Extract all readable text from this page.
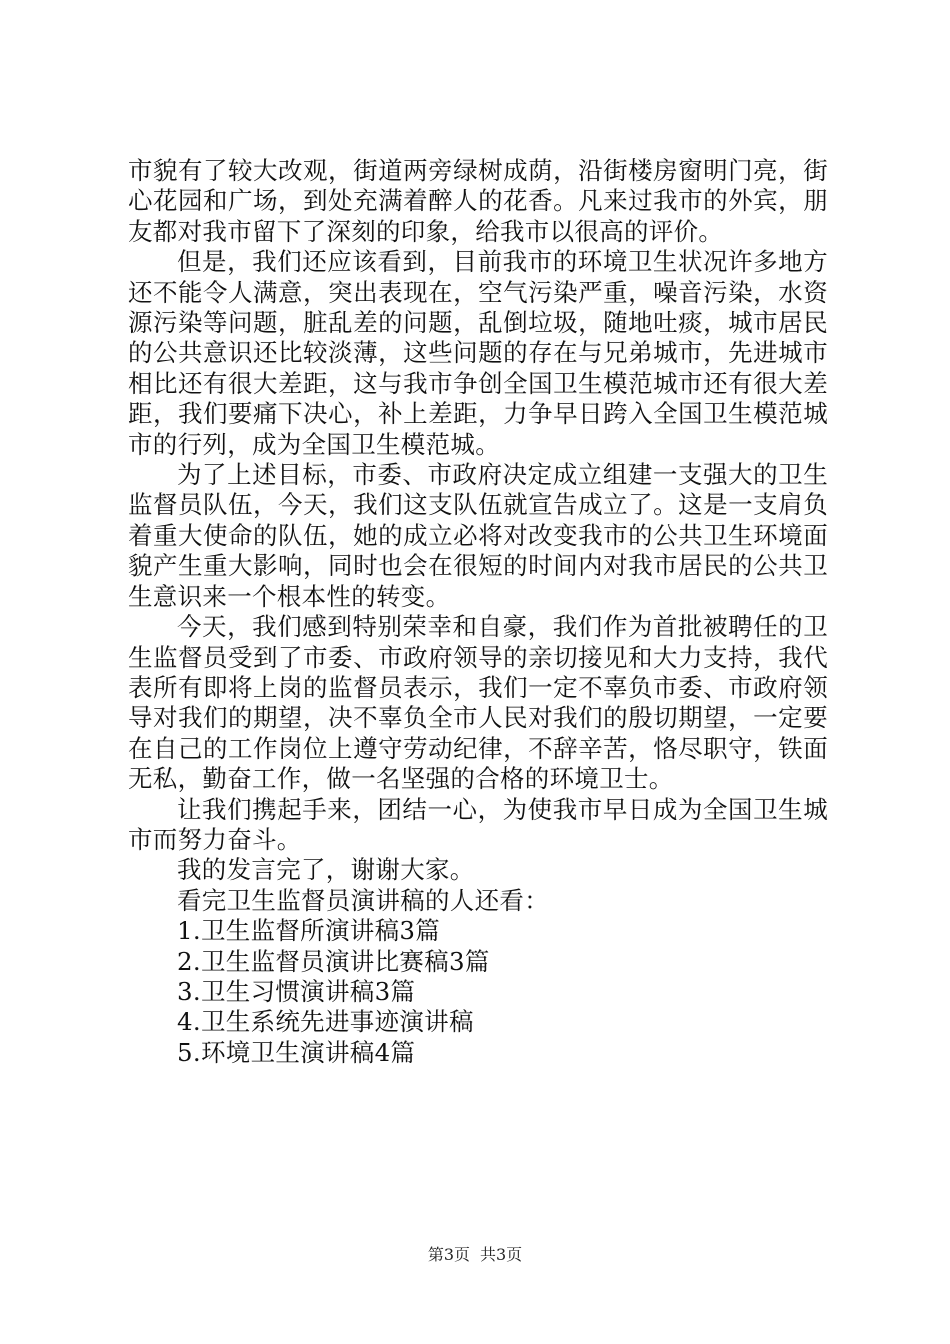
市貌有了较大改观，街道两旁绿树成荫，沿街楼房窗明门亮，街心花园和广场，到处充满着醉人的花香。凡来过我市的外宾，朋友都对我市留下了深刻的印象，给我市以很高的评价。

但是，我们还应该看到，目前我市的环境卫生状况许多地方还不能令人满意，突出表现在，空气污染严重，噪音污染，水资源污染等问题，脏乱差的问题，乱倒垃圾，随地吐痰，城市居民的公共意识还比较淡薄，这些问题的存在与兄弟城市，先进城市相比还有很大差距，这与我市争创全国卫生模范城市还有很大差距，我们要痛下决心，补上差距，力争早日跨入全国卫生模范城市的行列，成为全国卫生模范城。

为了上述目标，市委、市政府决定成立组建一支强大的卫生监督员队伍，今天，我们这支队伍就宣告成立了。这是一支肩负着重大使命的队伍，她的成立必将对改变我市的公共卫生环境面貌产生重大影响，同时也会在很短的时间内对我市居民的公共卫生意识来一个根本性的转变。

今天，我们感到特别荣幸和自豪，我们作为首批被聘任的卫生监督员受到了市委、市政府领导的亲切接见和大力支持，我代表所有即将上岗的监督员表示，我们一定不辜负市委、市政府领导对我们的期望，决不辜负全市人民对我们的殷切期望，一定要在自己的工作岗位上遵守劳动纪律，不辞辛苦，恪尽职守，铁面无私，勤奋工作，做一名坚强的合格的环境卫士。

让我们携起手来，团结一心，为使我市早日成为全国卫生城市而努力奋斗。

我的发言完了，谢谢大家。

看完卫生监督员演讲稿的人还看：

1.卫生监督所演讲稿3篇
2.卫生监督员演讲比赛稿3篇
3.卫生习惯演讲稿3篇
4.卫生系统先进事迹演讲稿
5.环境卫生演讲稿4篇
第3页 共3页
